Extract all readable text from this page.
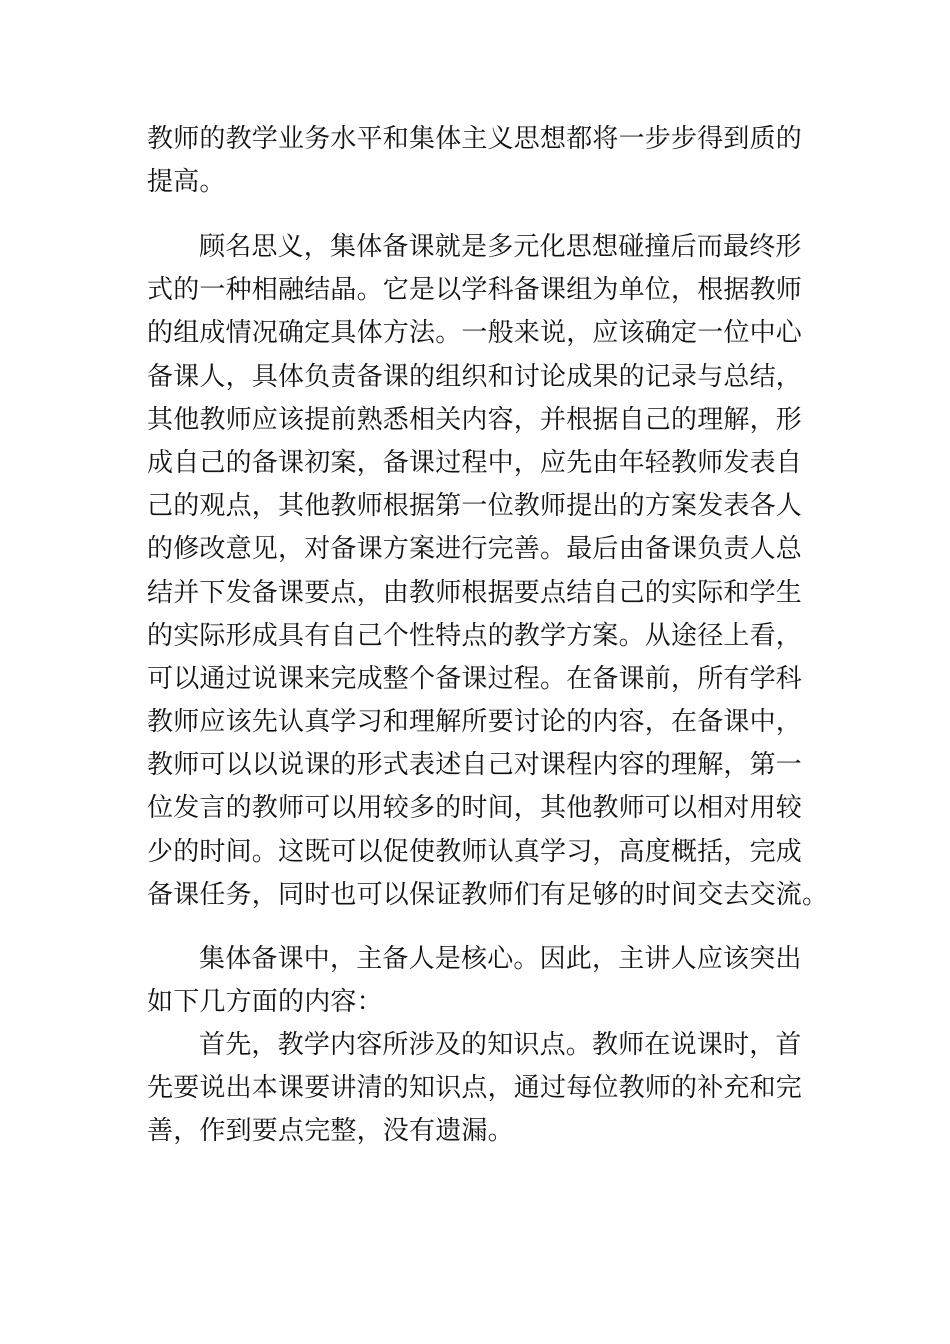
教师的教学业务水平和集体主义思想都将一步步得到质的
提高。
顾名思义，集体备课就是多元化思想碰撞后而最终形
式的一种相融结晶。它是以学科备课组为单位，根据教师
的组成情况确定具体方法。一般来说，应该确定一位中心
备课人，具体负责备课的组织和讨论成果的记录与总结，
其他教师应该提前熟悉相关内容，并根据自己的理解，形
成自己的备课初案，备课过程中，应先由年轻教师发表自
己的观点，其他教师根据第一位教师提出的方案发表各人
的修改意见，对备课方案进行完善。最后由备课负责人总
结并下发备课要点，由教师根据要点结自己的实际和学生
的实际形成具有自己个性特点的教学方案。从途径上看，
可以通过说课来完成整个备课过程。在备课前，所有学科
教师应该先认真学习和理解所要讨论的内容，在备课中，
教师可以以说课的形式表述自己对课程内容的理解，第一
位发言的教师可以用较多的时间，其他教师可以相对用较
少的时间。这既可以促使教师认真学习，高度概括，完成
备课任务，同时也可以保证教师们有足够的时间交去交流。
集体备课中，主备人是核心。因此，主讲人应该突出
如下几方面的内容：
首先，教学内容所涉及的知识点。教师在说课时，首
先要说出本课要讲清的知识点，通过每位教师的补充和完
善，作到要点完整，没有遗漏。
